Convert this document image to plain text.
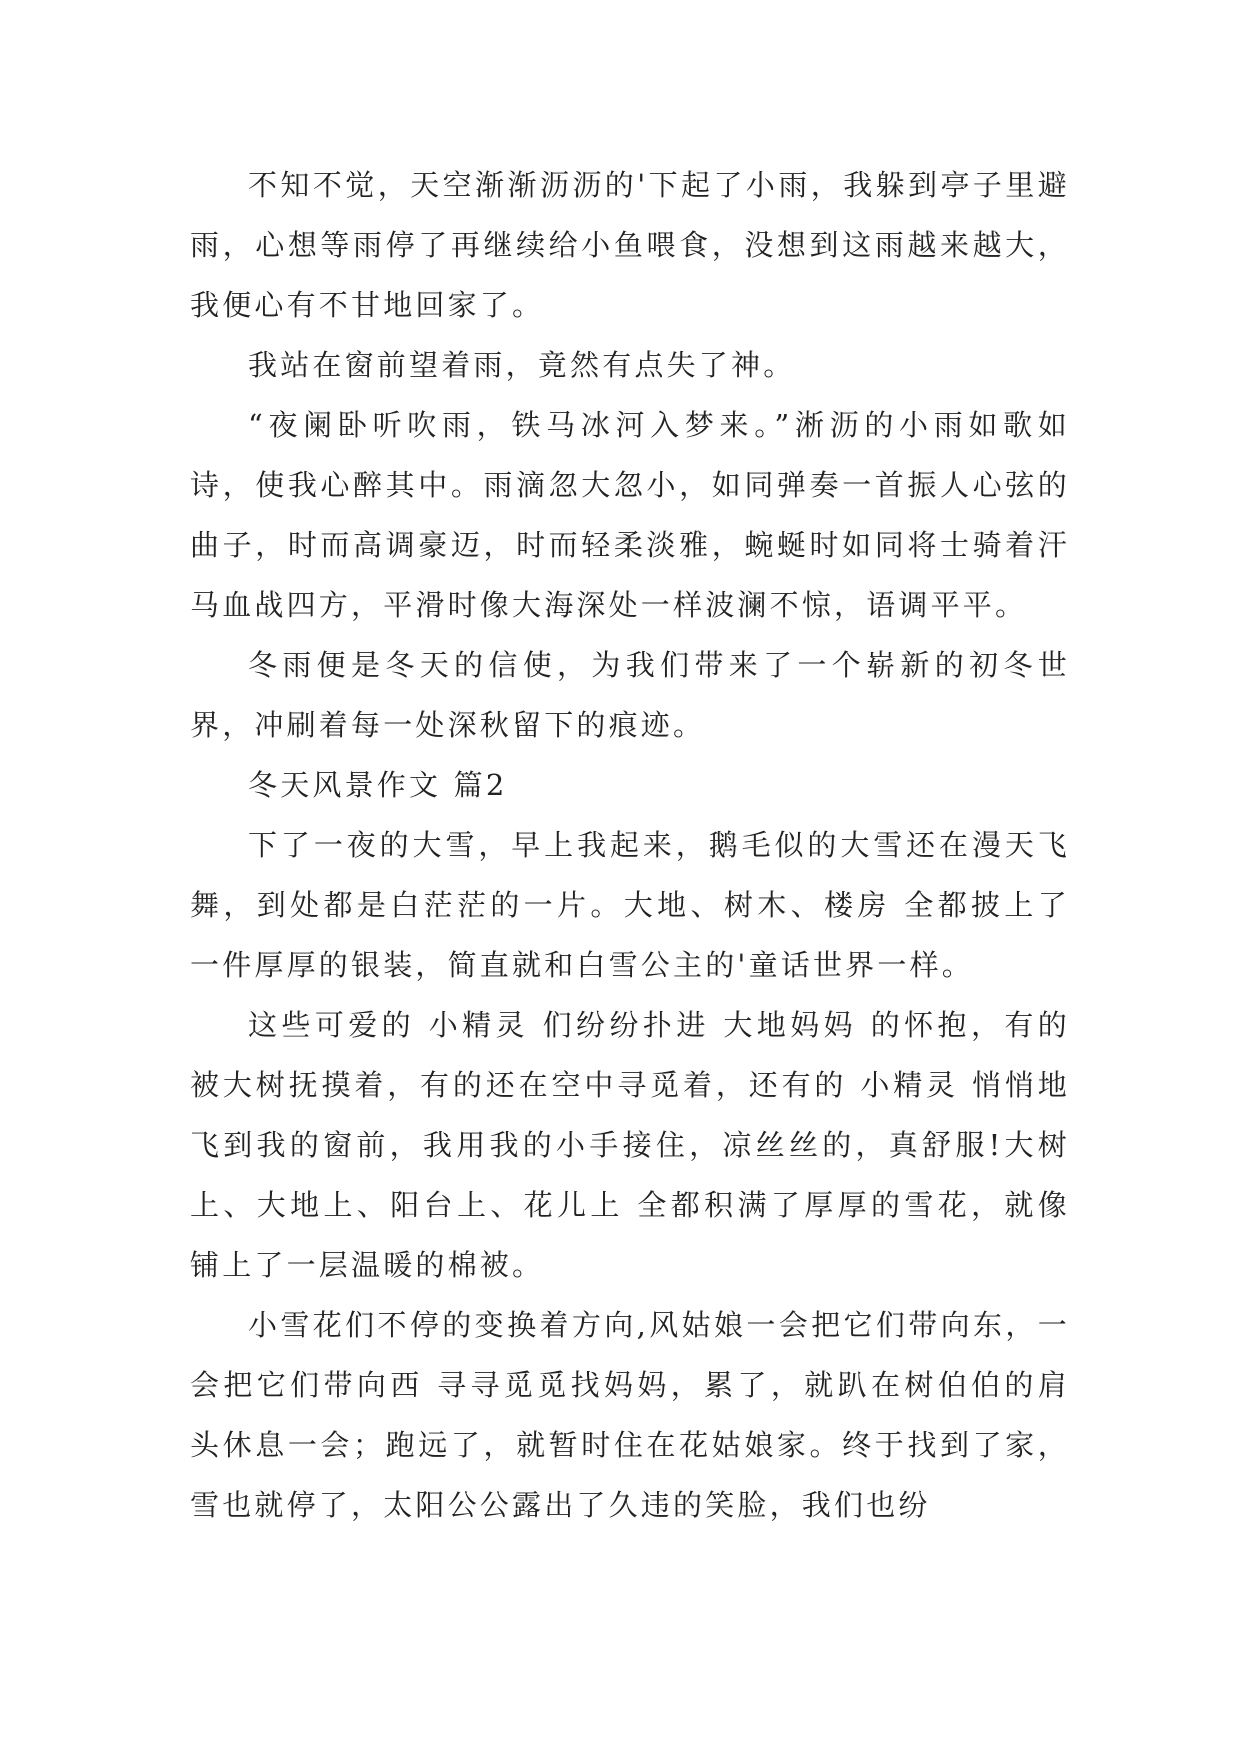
不知不觉，天空渐渐沥沥的'下起了小雨，我躲到亭子里避雨，心想等雨停了再继续给小鱼喂食，没想到这雨越来越大，我便心有不甘地回家了。

我站在窗前望着雨，竟然有点失了神。

“夜阑卧听吹雨，铁马冰河入梦来。”淅沥的小雨如歌如诗，使我心醉其中。雨滴忽大忽小，如同弹奏一首振人心弦的曲子，时而高调豪迈，时而轻柔淡雅，蜿蜒时如同将士骑着汗马血战四方，平滑时像大海深处一样波澜不惊，语调平平。

冬雨便是冬天的信使，为我们带来了一个崭新的初冬世界，冲刷着每一处深秋留下的痕迹。

冬天风景作文 篇2

下了一夜的大雪，早上我起来，鹅毛似的大雪还在漫天飞舞，到处都是白茫茫的一片。大地、树木、楼房 全都披上了一件厚厚的银装，简直就和白雪公主的'童话世界一样。

这些可爱的 小精灵 们纷纷扑进 大地妈妈 的怀抱，有的被大树抚摸着，有的还在空中寻觅着，还有的 小精灵 悄悄地飞到我的窗前，我用我的小手接住，凉丝丝的，真舒服!大树上、大地上、阳台上、花儿上 全都积满了厚厚的雪花，就像铺上了一层温暖的棉被。

小雪花们不停的变换着方向,风姑娘一会把它们带向东，一会把它们带向西 寻寻觅觅找妈妈，累了，就趴在树伯伯的肩头休息一会；跑远了，就暂时住在花姑娘家。终于找到了家，雪也就停了，太阳公公露出了久违的笑脸，我们也纷
